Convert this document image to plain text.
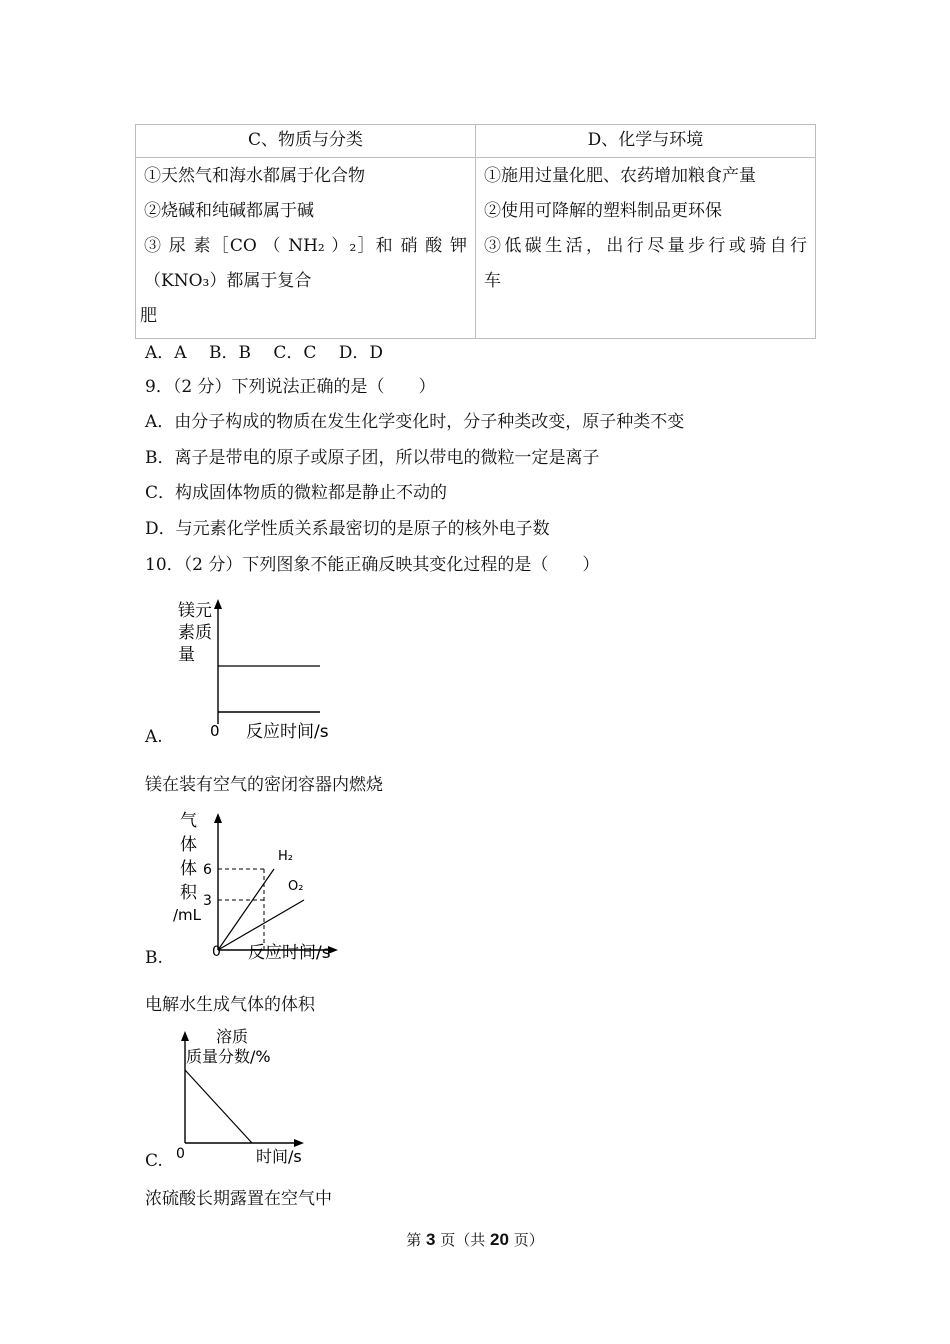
C、物质与分类	D、化学与环境

①天然气和海水都属于化合物
②烧碱和纯碱都属于碱
③ 尿 素［CO （ NH₂ ）₂］和 硝 酸 钾
（KNO₃）都属于复合
肥	①施用过量化肥、农药增加粮食产量
②使用可降解的塑料制品更环保
③低碳生活，出行尽量步行或骑自行
车
A．A　 B．B　 C．C　 D．D
9．（2 分）下列说法正确的是（　　）
A．由分子构成的物质在发生化学变化时，分子种类改变，原子种类不变
B．离子是带电的原子或原子团，所以带电的微粒一定是离子
C．构成固体物质的微粒都是静止不动的
D．与元素化学性质关系最密切的是原子的核外电子数
10．（2 分）下列图象不能正确反映其变化过程的是（　　）
镁元
素质
量
0 反应时间/s
A.
镁在装有空气的密闭容器内燃烧
H₂
O₂
6
3
气
体
体
积
/mL
0 反应时间/s
B.
电解水生成气体的体积
溶质
质量分数/%
0	时间/s
C.
浓硫酸长期露置在空气中
第 3 页（共 20 页）
